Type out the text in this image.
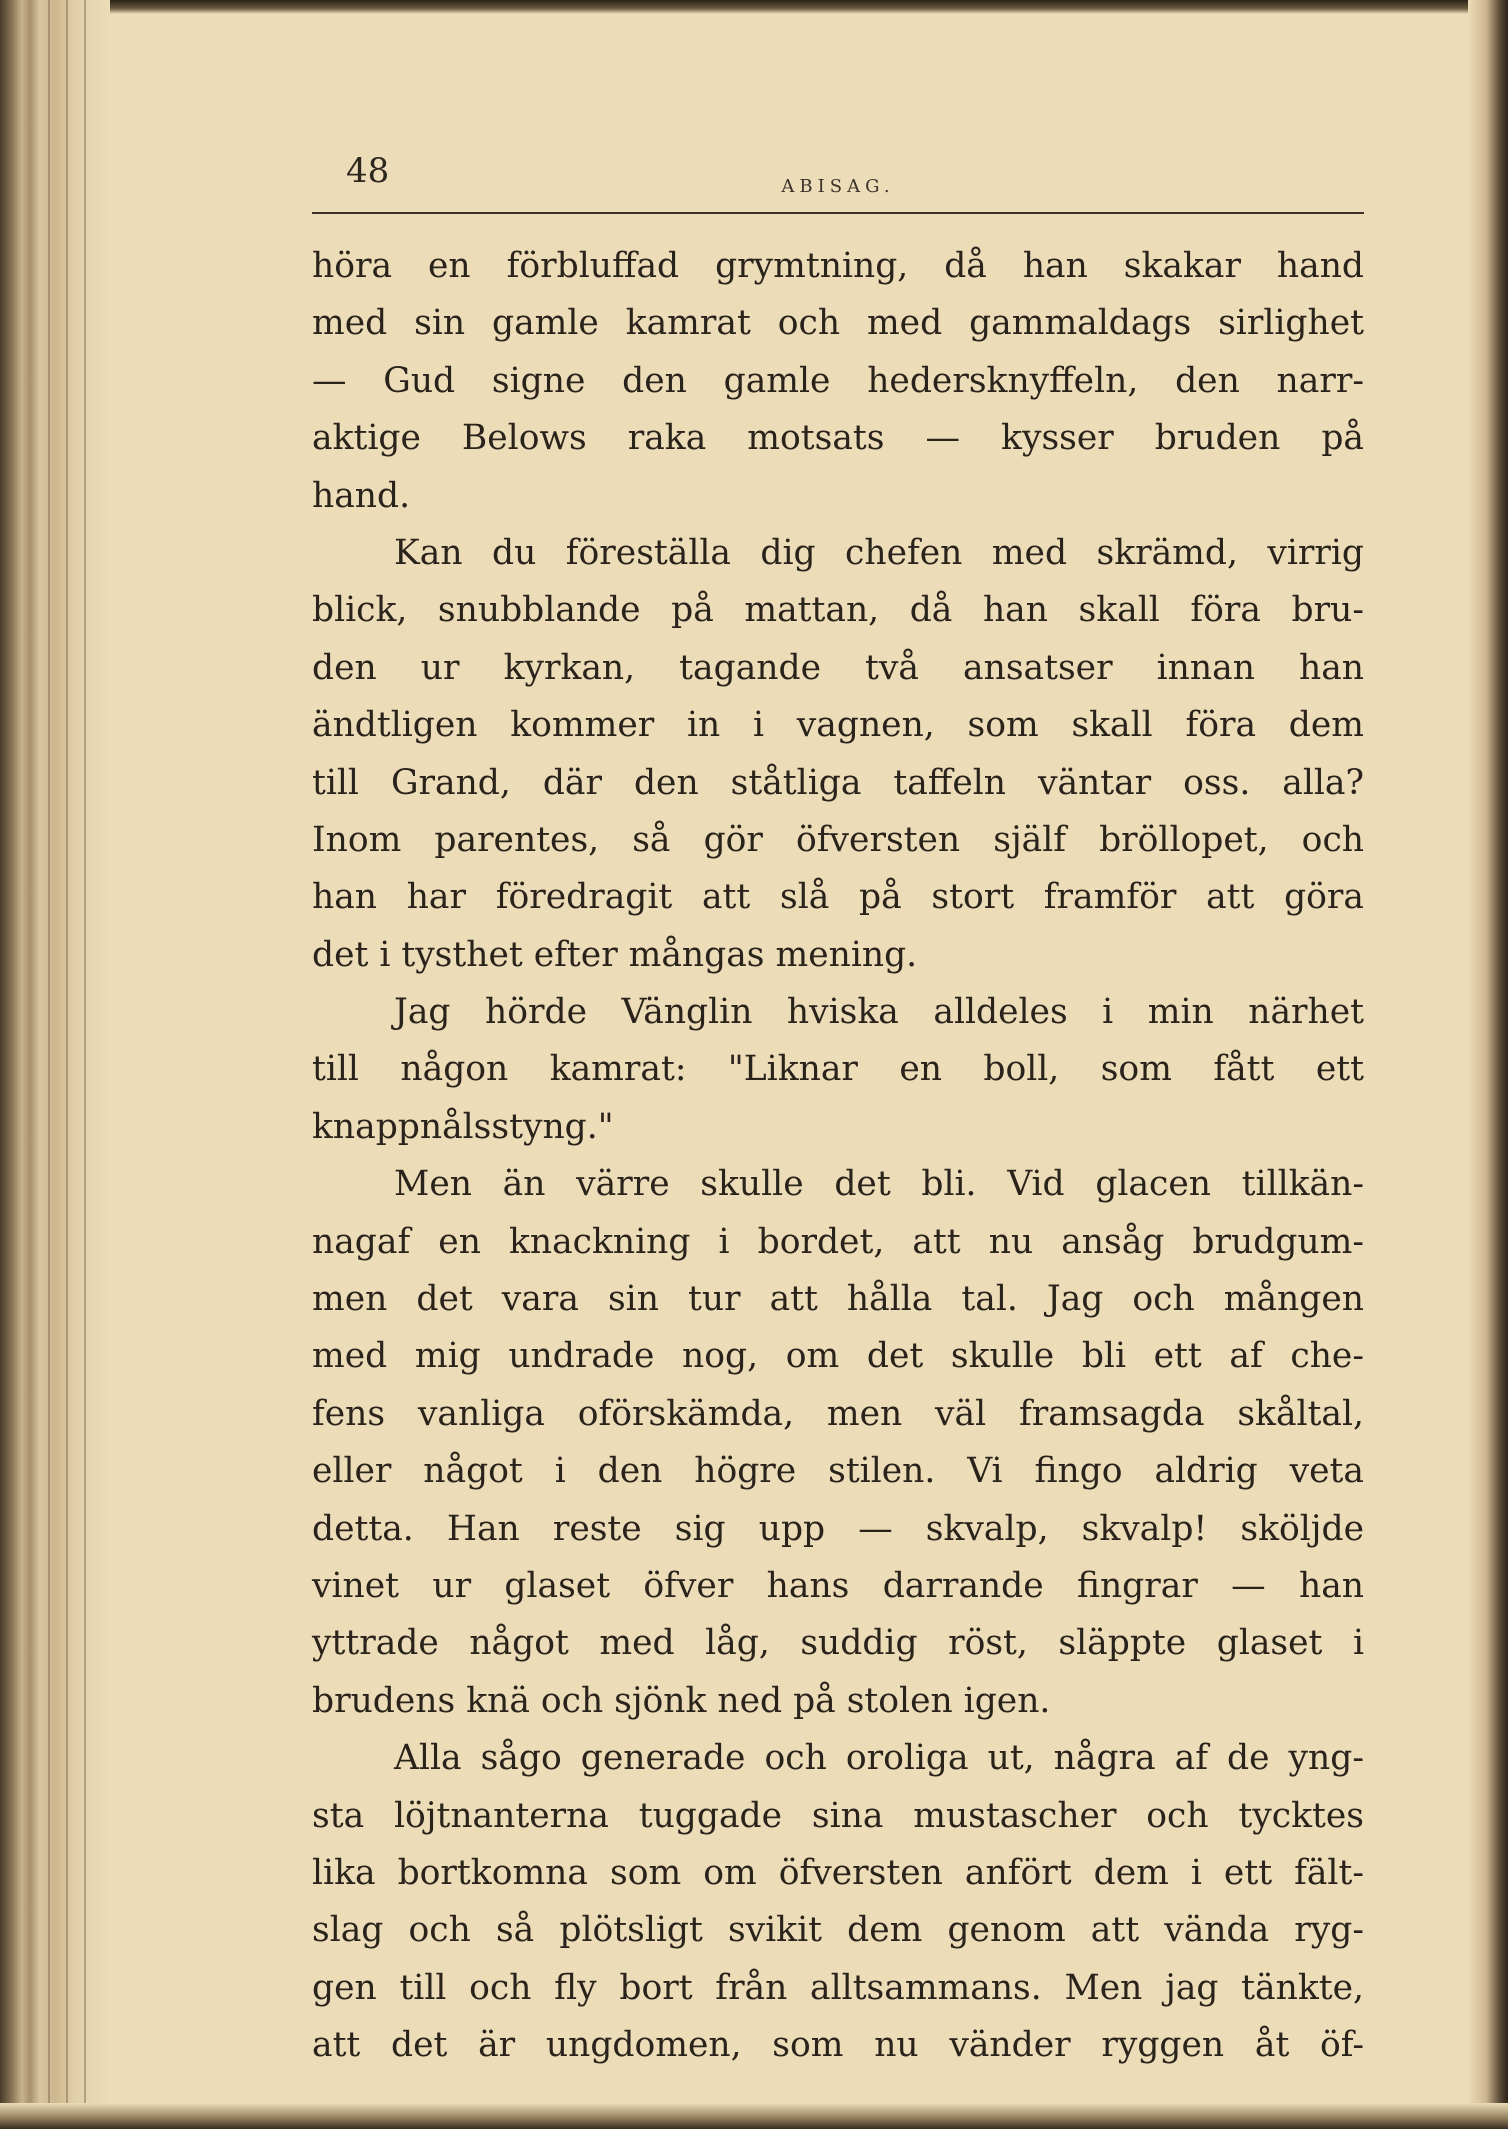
48	ABISAG.
höra en förbluffad grymtning, då han skakar hand
med sin gamle kamrat och med gammaldags sirlighet
— Gud signe den gamle hedersknyffeln, den narr-
aktige Belows raka motsats — kysser bruden på
hand.
Kan du föreställa dig chefen med skrämd, virrig
blick, snubblande på mattan, då han skall föra bru-
den ur kyrkan, tagande två ansatser innan han
ändtligen kommer in i vagnen, som skall föra dem
till Grand, där den ståtliga taffeln väntar oss. alla?
Inom parentes, så gör öfversten själf bröllopet, och
han har föredragit att slå på stort framför att göra
det i tysthet efter mångas mening.
Jag hörde Vänglin hviska alldeles i min närhet
till någon kamrat: "Liknar en boll, som fått ett
knappnålsstyng."
Men än värre skulle det bli. Vid glacen tillkän-
nagaf en knackning i bordet, att nu ansåg brudgum-
men det vara sin tur att hålla tal. Jag och mången
med mig undrade nog, om det skulle bli ett af che-
fens vanliga oförskämda, men väl framsagda skåltal,
eller något i den högre stilen. Vi fingo aldrig veta
detta. Han reste sig upp — skvalp, skvalp! sköljde
vinet ur glaset öfver hans darrande fingrar — han
yttrade något med låg, suddig röst, släppte glaset i
brudens knä och sjönk ned på stolen igen.
Alla sågo generade och oroliga ut, några af de yng-
sta löjtnanterna tuggade sina mustascher och tycktes
lika bortkomna som om öfversten anfört dem i ett fält-
slag och så plötsligt svikit dem genom att vända ryg-
gen till och fly bort från alltsammans. Men jag tänkte,
att det är ungdomen, som nu vänder ryggen åt öf-
